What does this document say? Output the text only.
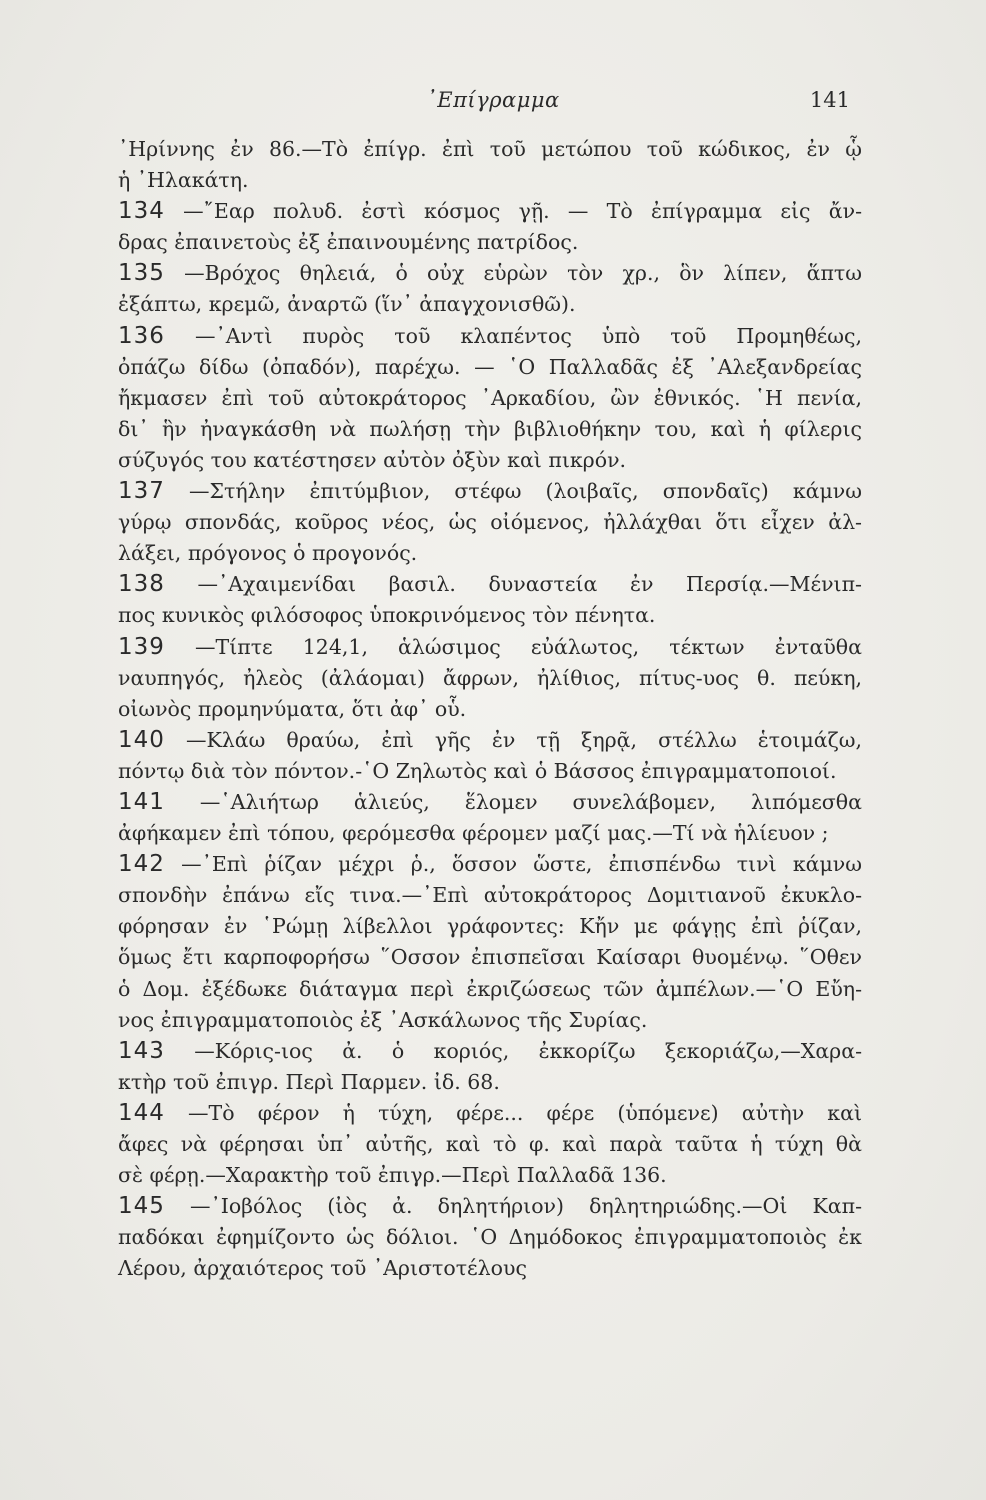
᾿Επίγραμμα	141
᾿Ηρίννης ἐν 86.—Τὸ ἐπίγρ. ἐπὶ τοῦ μετώπου τοῦ κώδικος, ἐν ᾧ
ἡ ᾿Ηλακάτη.
134 —῎Εαρ πολυδ. ἐστὶ κόσμος γῇ. — Τὸ ἐπίγραμμα εἰς ἄν-
δρας ἐπαινετοὺς ἐξ ἐπαινουμένης πατρίδος.
135 —Βρόχος θηλειά, ὁ οὐχ εὑρὼν τὸν χρ., ὃν λίπεν, ἅπτω
ἐξάπτω, κρεμῶ, ἀναρτῶ (ἵν᾿ ἀπαγχονισθῶ).
136 —᾿Αντὶ πυρὸς τοῦ κλαπέντος ὑπὸ τοῦ Προμηθέως,
ὀπάζω δίδω (ὀπαδόν), παρέχω. — ῾Ο Παλλαδᾶς ἐξ ᾿Αλεξανδρείας
ἤκμασεν ἐπὶ τοῦ αὐτοκράτορος ᾿Αρκαδίου, ὢν ἐθνικός. ῾Η πενία,
δι᾿ ἣν ἠναγκάσθη νὰ πωλήσῃ τὴν βιβλιοθήκην του, καὶ ἡ φίλερις
σύζυγός του κατέστησεν αὐτὸν ὀξὺν καὶ πικρόν.
137 —Στήλην ἐπιτύμβιον, στέφω (λοιβαῖς, σπονδαῖς) κάμνω
γύρῳ σπονδάς, κοῦρος νέος, ὡς οἰόμενος, ἠλλάχθαι ὅτι εἶχεν ἀλ-
λάξει, πρόγονος ὁ προγονός.
138 —᾿Αχαιμενίδαι βασιλ. δυναστεία ἐν Περσίᾳ.—Μένιπ-
πος κυνικὸς φιλόσοφος ὑποκρινόμενος τὸν πένητα.
139 —Τίπτε 124,1, ἁλώσιμος εὐάλωτος, τέκτων ἐνταῦθα
ναυπηγός, ἠλεὸς (ἀλάομαι) ἄφρων, ἠλίθιος, πίτυς-υος θ. πεύκη,
οἰωνὸς προμηνύματα, ὅτι ἀφ᾿ οὗ.
140 —Κλάω θραύω, ἐπὶ γῆς ἐν τῇ ξηρᾷ, στέλλω ἑτοιμάζω,
πόντῳ διὰ τὸν πόντον.-῾Ο Ζηλωτὸς καὶ ὁ Βάσσος ἐπιγραμματοποιοί.
141 —῾Αλιήτωρ ἁλιεύς, ἕλομεν συνελάβομεν, λιπόμεσθα
ἀφήκαμεν ἐπὶ τόπου, φερόμεσθα φέρομεν μαζί μας.—Τί νὰ ἡλίευον ;
142 —᾿Επὶ ῥίζαν μέχρι ῥ., ὅσσον ὥστε, ἐπισπένδω τινὶ κάμνω
σπονδὴν ἐπάνω εἴς τινα.—᾿Επὶ αὐτοκράτορος Δομιτιανοῦ ἐκυκλο-
φόρησαν ἐν ῾Ρώμῃ λίβελλοι γράφοντες: Κἤν με φάγῃς ἐπὶ ῥίζαν,
ὅμως ἔτι καρποφορήσω ῞Οσσον ἐπισπεῖσαι Καίσαρι θυομένῳ. ῞Οθεν
ὁ Δομ. ἐξέδωκε διάταγμα περὶ ἐκριζώσεως τῶν ἀμπέλων.—῾Ο Εὔη-
νος ἐπιγραμματοποιὸς ἐξ ᾿Ασκάλωνος τῆς Συρίας.
143 —Κόρις-ιος ἀ. ὁ κοριός, ἐκκορίζω ξεκοριάζω,—Χαρα-
κτὴρ τοῦ ἐπιγρ. Περὶ Παρμεν. ἰδ. 68.
144 —Τὸ φέρον ἡ τύχη, φέρε... φέρε (ὑπόμενε) αὐτὴν καὶ
ἄφες νὰ φέρησαι ὑπ᾿ αὐτῆς, καὶ τὸ φ. καὶ παρὰ ταῦτα ἡ τύχη θὰ
σὲ φέρῃ.—Χαρακτὴρ τοῦ ἐπιγρ.—Περὶ Παλλαδᾶ 136.
145 —᾿Ιοβόλος (ἰὸς ἀ. δηλητήριον) δηλητηριώδης.—Οἱ Καπ-
παδόκαι ἐφημίζοντο ὡς δόλιοι. ῾Ο Δημόδοκος ἐπιγραμματοποιὸς ἐκ
Λέρου, ἀρχαιότερος τοῦ ᾿Αριστοτέλους
